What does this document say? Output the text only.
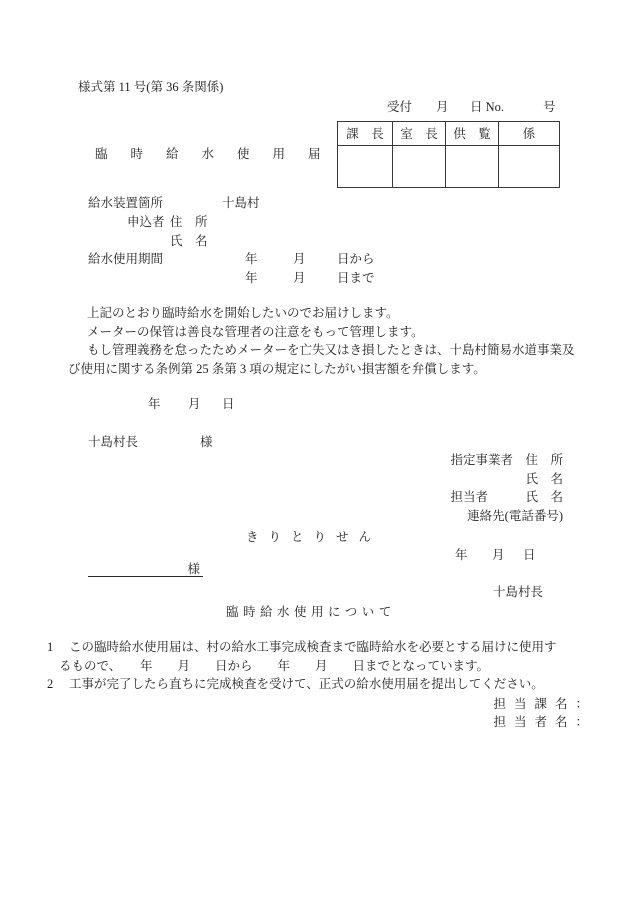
様式第 11 号(第 36 条関係)
受付 月 日 No.	号
課　長	室　長	供　覧	係
臨時給水使用届
給水装置箇所	十島村
申込者 住　所
氏　名
給水使用期間	年	月	日から
年	月	日まで
上記のとおり臨時給水を開始したいのでお届けします。
メーターの保管は善良な管理者の注意をもって管理します。
もし管理義務を怠ったためメーターを亡失又はき損したときは、十島村簡易水道事業及
び使用に関する条例第 25 条第 3 項の規定にしたがい損害額を弁償します。
年 月 日
十島村長	様
指定事業者　住　所
氏　名
担当者　　　氏　名
連絡先(電話番号)
きりとりせん
年 月 日
様
十島村長
臨時給水使用について
1 この臨時給水使用届は、村の給水工事完成検査まで臨時給水を必要とする届けに使用す
るもので、　　年　　月　　日から　　年　　月　　日までとなっています。
2 工事が完了したら直ちに完成検査を受けて、正式の給水使用届を提出してください。
担当課名：
担当者名：
